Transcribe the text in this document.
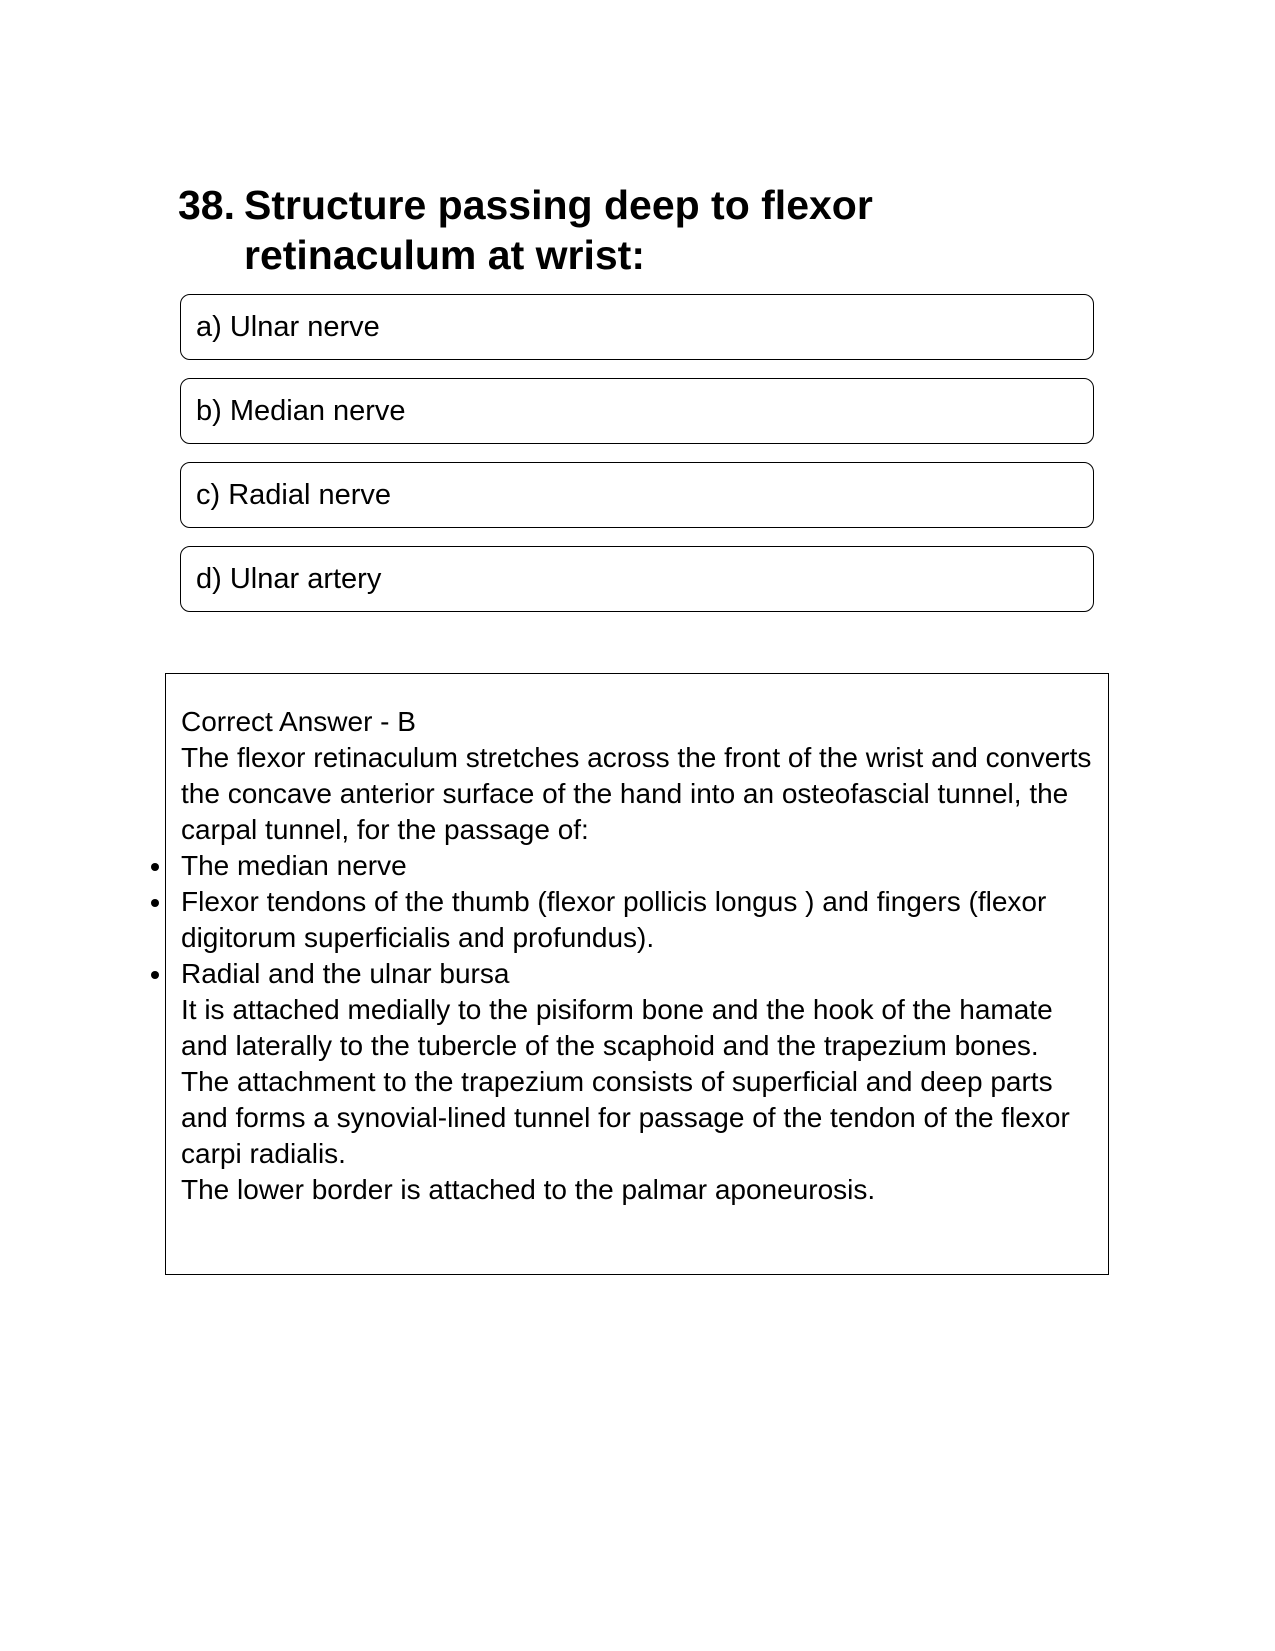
38. Structure passing deep to flexor retinaculum at wrist:
a) Ulnar nerve
b) Median nerve
c) Radial nerve
d) Ulnar artery

Correct Answer - B

The flexor retinaculum stretches across the front of the wrist and converts the concave anterior surface of the hand into an osteofascial tunnel, the carpal tunnel, for the passage of:

The median nerve
Flexor tendons of the thumb (flexor pollicis longus ) and fingers (flexor digitorum superficialis and profundus).
Radial and the ulnar bursa

It is attached medially to the pisiform bone and the hook of the hamate and laterally to the tubercle of the scaphoid and the trapezium bones.

The attachment to the trapezium consists of superficial and deep parts and forms a synovial-lined tunnel for passage of the tendon of the flexor carpi radialis.

The lower border is attached to the palmar aponeurosis.
